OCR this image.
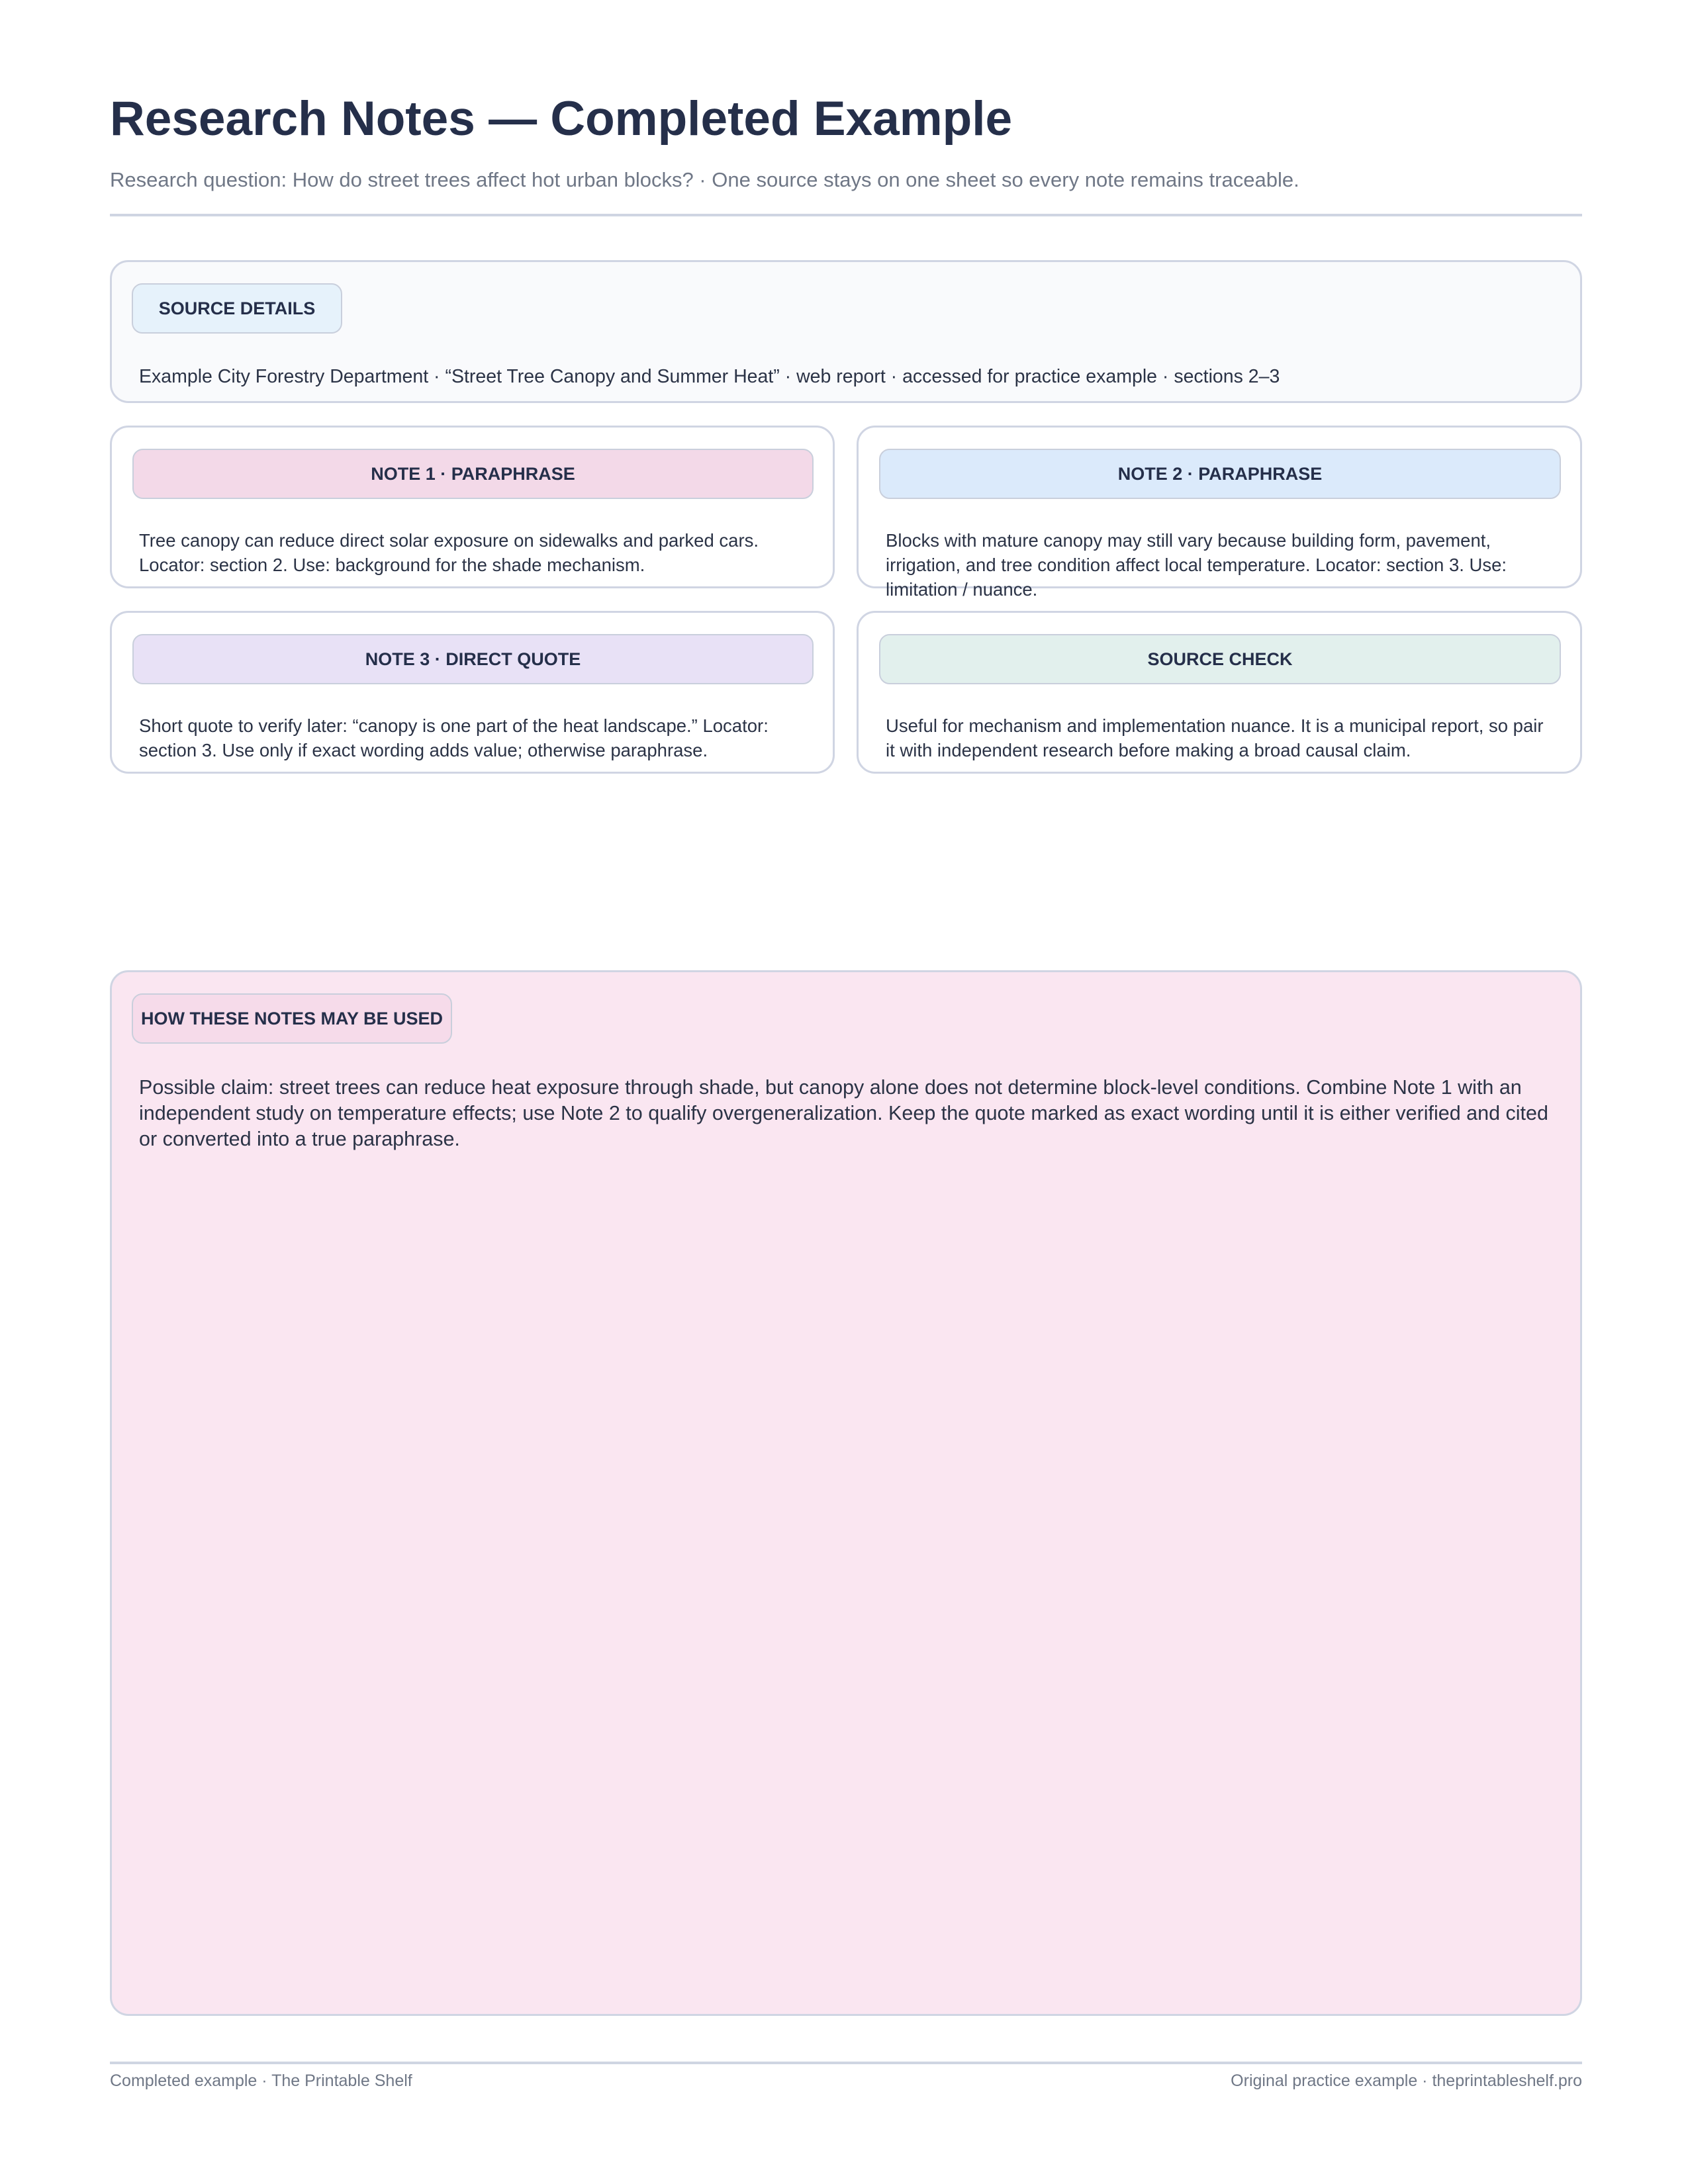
Research Notes — Completed Example
Research question: How do street trees affect hot urban blocks? · One source stays on one sheet so every note remains traceable.
SOURCE DETAILS
Example City Forestry Department · “Street Tree Canopy and Summer Heat” · web report · accessed for practice example · sections 2–3
NOTE 1 · PARAPHRASE
Tree canopy can reduce direct solar exposure on sidewalks and parked cars. Locator: section 2. Use: background for the shade mechanism.
NOTE 2 · PARAPHRASE
Blocks with mature canopy may still vary because building form, pavement, irrigation, and tree condition affect local temperature. Locator: section 3. Use: limitation / nuance.
NOTE 3 · DIRECT QUOTE
Short quote to verify later: “canopy is one part of the heat landscape.” Locator: section 3. Use only if exact wording adds value; otherwise paraphrase.
SOURCE CHECK
Useful for mechanism and implementation nuance. It is a municipal report, so pair it with independent research before making a broad causal claim.
HOW THESE NOTES MAY BE USED
Possible claim: street trees can reduce heat exposure through shade, but canopy alone does not determine block-level conditions. Combine Note 1 with an independent study on temperature effects; use Note 2 to qualify overgeneralization. Keep the quote marked as exact wording until it is either verified and cited or converted into a true paraphrase.
Completed example · The Printable Shelf	Original practice example · theprintableshelf.pro
